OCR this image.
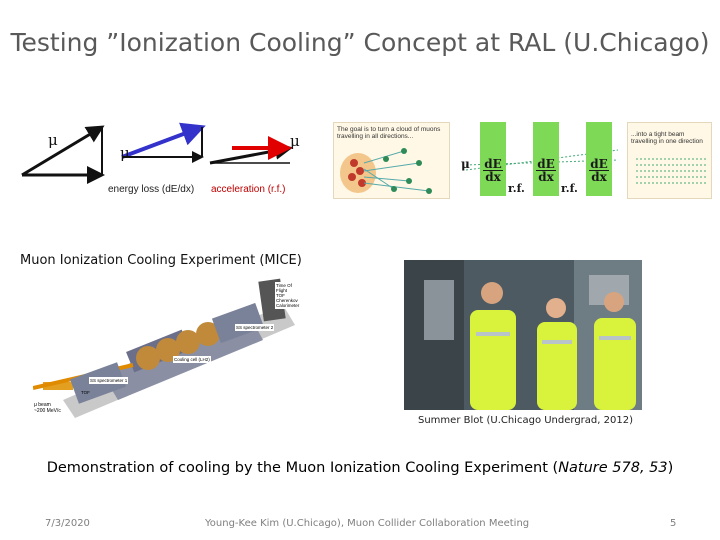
Testing ”Ionization Cooling” Concept at RAL (U.Chicago)
μ
μ
μ
energy loss (dE/dx) acceleration (r.f.)
The goal is to turn a cloud of muons
travelling in all directions...
μ	dE
dx
dE
dx
dE
dx
r.f.	r.f.
...into a tight beam
travelling in one direction
Muon Ionization Cooling Experiment (MICE)
Time Of Flight
TOF
Cherenkov
Calorimeter
SS spectrometer 2
Cooling cell (LH2)
SS spectrometer 1
μ beam
~200 MeV/c
TOF
Summer Blot (U.Chicago Undergrad, 2012)
Demonstration of cooling by the Muon Ionization Cooling Experiment (Nature 578, 53)
7/3/2020	Young-Kee Kim (U.Chicago), Muon Collider Collaboration Meeting	5
